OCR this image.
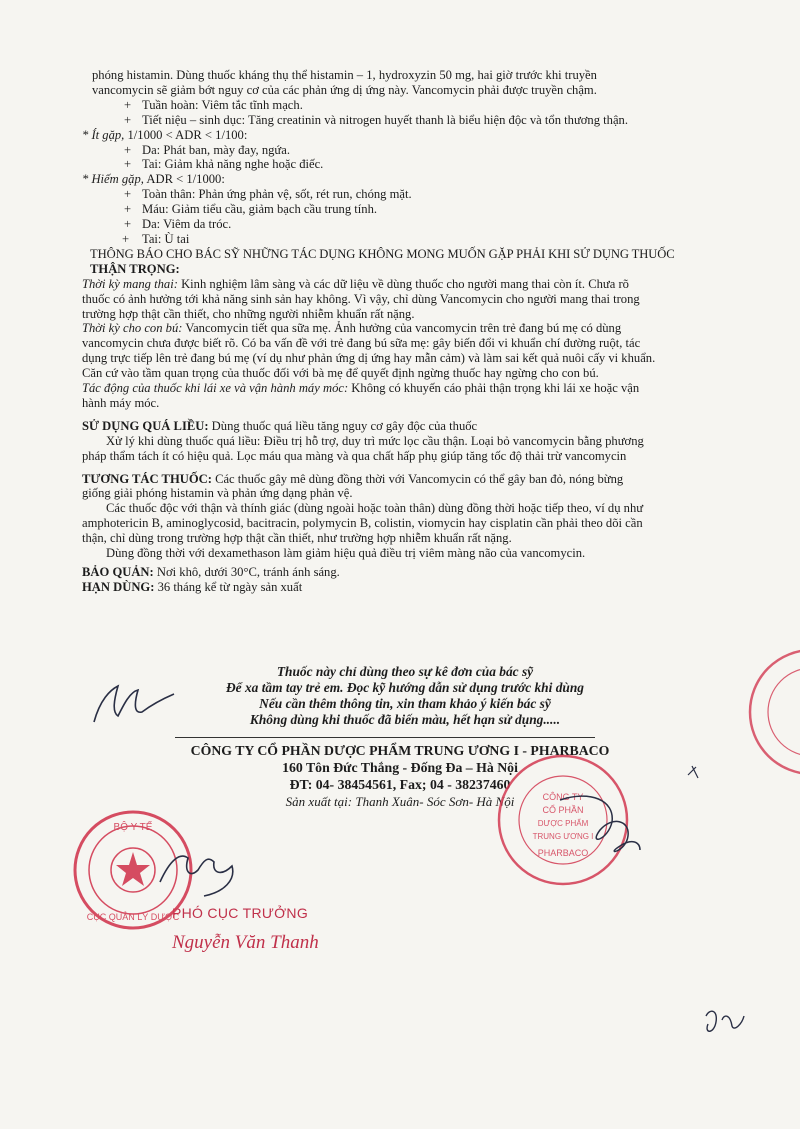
phóng histamin. Dùng thuốc kháng thụ thể histamin – 1, hydroxyzin 50 mg, hai giờ trước khi truyền

vancomycin sẽ giảm bớt nguy cơ của các phản ứng dị ứng này. Vancomycin phải được truyền chậm.

+ Tuần hoàn: Viêm tắc tĩnh mạch.

+ Tiết niệu – sinh dục: Tăng creatinin và nitrogen huyết thanh là biểu hiện độc và tổn thương thận.

* Ít gặp, 1/1000 < ADR < 1/100:

+ Da: Phát ban, mày đay, ngứa.

+ Tai: Giảm khả năng nghe hoặc điếc.

* Hiếm gặp, ADR < 1/1000:

+ Toàn thân: Phản ứng phản vệ, sốt, rét run, chóng mặt.

+ Máu: Giảm tiểu cầu, giảm bạch cầu trung tính.

+ Da: Viêm da tróc.

+ Tai: Ù tai

THÔNG BÁO CHO BÁC SỸ NHỮNG TÁC DỤNG KHÔNG MONG MUỐN GẶP PHẢI KHI SỬ DỤNG THUỐC

THẬN TRỌNG:

Thời kỳ mang thai: Kinh nghiệm lâm sàng và các dữ liệu về dùng thuốc cho người mang thai còn ít. Chưa rõ

thuốc có ảnh hưởng tới khả năng sinh sản hay không. Vì vậy, chỉ dùng Vancomycin cho người mang thai trong

trường hợp thật cần thiết, cho những người nhiễm khuẩn rất nặng.

Thời kỳ cho con bú: Vancomycin tiết qua sữa mẹ. Ảnh hưởng của vancomycin trên trẻ đang bú mẹ có dùng

vancomycin chưa được biết rõ. Có ba vấn đề với trẻ đang bú sữa mẹ: gây biến đổi vi khuẩn chí đường ruột, tác

dụng trực tiếp lên trẻ đang bú mẹ (ví dụ như phản ứng dị ứng hay mẫn cảm) và làm sai kết quả nuôi cấy vi khuẩn.

Căn cứ vào tầm quan trọng của thuốc đối với bà mẹ để quyết định ngừng thuốc hay ngừng cho con bú.

Tác động của thuốc khi lái xe và vận hành máy móc: Không có khuyến cáo phải thận trọng khi lái xe hoặc vận

hành máy móc.

SỬ DỤNG QUÁ LIỀU: Dùng thuốc quá liều tăng nguy cơ gây độc của thuốc

Xử lý khi dùng thuốc quá liều: Điều trị hỗ trợ, duy trì mức lọc cầu thận. Loại bỏ vancomycin bằng phương

pháp thẩm tách ít có hiệu quả. Lọc máu qua màng và qua chất hấp phụ giúp tăng tốc độ thải trừ vancomycin

TƯƠNG TÁC THUỐC: Các thuốc gây mê dùng đồng thời với Vancomycin có thể gây ban đỏ, nóng bừng

giống giải phóng histamin và phản ứng dạng phản vệ.

Các thuốc độc với thận và thính giác (dùng ngoài hoặc toàn thân) dùng đồng thời hoặc tiếp theo, ví dụ như

amphotericin B, aminoglycosid, bacitracin, polymycin B, colistin, viomycin hay cisplatin cần phải theo dõi cần

thận, chỉ dùng trong trường hợp thật cần thiết, như trường hợp nhiễm khuẩn rất nặng.

Dùng đồng thời với dexamethason làm giảm hiệu quả điều trị viêm màng não của vancomycin.

BẢO QUẢN: Nơi khô, dưới 30°C, tránh ánh sáng.

HẠN DÙNG: 36 tháng kể từ ngày sản xuất

Thuốc này chỉ dùng theo sự kê đơn của bác sỹ
Để xa tầm tay trẻ em. Đọc kỹ hướng dẫn sử dụng trước khi dùng
Nếu cần thêm thông tin, xin tham khảo ý kiến bác sỹ
Không dùng khi thuốc đã biến màu, hết hạn sử dụng.....
CÔNG TY CỔ PHẦN DƯỢC PHẨM TRUNG ƯƠNG I - PHARBACO
160 Tôn Đức Thắng - Đống Đa – Hà Nội
ĐT: 04- 38454561, Fax; 04 - 38237460
Sản xuất tại: Thanh Xuân- Sóc Sơn- Hà Nội
PHÓ CỤC TRƯỞNG
Nguyễn Văn Thanh
BỘ Y TẾ
CỤC QUẢN LÝ DƯỢC
CÔNG TY
CỔ PHẦN
DƯỢC PHẨM
TRUNG ƯƠNG I
PHARBACO
